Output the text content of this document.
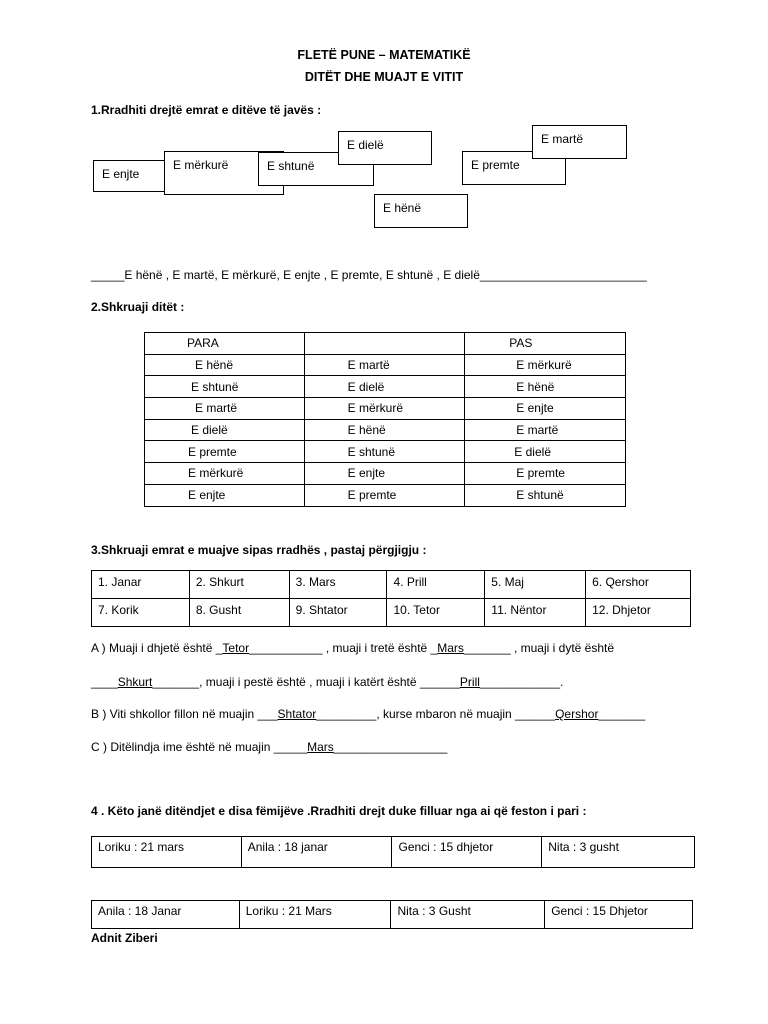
FLETË PUNE – MATEMATIKË
DITËT DHE MUAJT E VITIT
1.Rradhiti drejtë emrat e ditëve të javës :
E enjte
E mërkurë	E shtunë
E dielë
E hënë
E premte
E martë
_____E hënë , E martë, E mërkurë, E enjte , E premte, E shtunë , E dielë_________________________
2.Shkruaji ditët :
PARA		PAS
E hënë	E martë	E mërkurë
E shtunë	E dielë	E hënë
E martë	E mërkurë	E enjte
E dielë	E hënë	E martë
E premte	E shtunë	E dielë
E mërkurë	E enjte	E premte
E enjte	E premte	E shtunë
3.Shkruaji emrat e muajve sipas rradhës , pastaj përgjigju :
1. Janar	2. Shkurt	3. Mars	4. Prill	5. Maj	6. Qershor
7. Korik	8. Gusht	9. Shtator	10. Tetor	11. Nëntor	12. Dhjetor
A ) Muaji i dhjetë është _Tetor___________ , muaji i tretë është _Mars_______ , muaji i dytë është
____Shkurt_______, muaji i pestë është , muaji i katërt është ______Prill____________.
B ) Viti shkollor fillon në muajin ___Shtator_________, kurse mbaron në muajin ______Qershor_______
C ) Ditëlindja ime është në muajin _____Mars_________________
4 . Këto janë ditëndjet e disa fëmijëve .Rradhiti drejt duke filluar nga ai që feston i pari :
Loriku : 21 mars	Anila : 18 janar	Genci : 15 dhjetor	Nita : 3 gusht
Anila : 18 Janar	Loriku : 21 Mars	Nita : 3 Gusht	Genci : 15 Dhjetor
Adnit Ziberi
